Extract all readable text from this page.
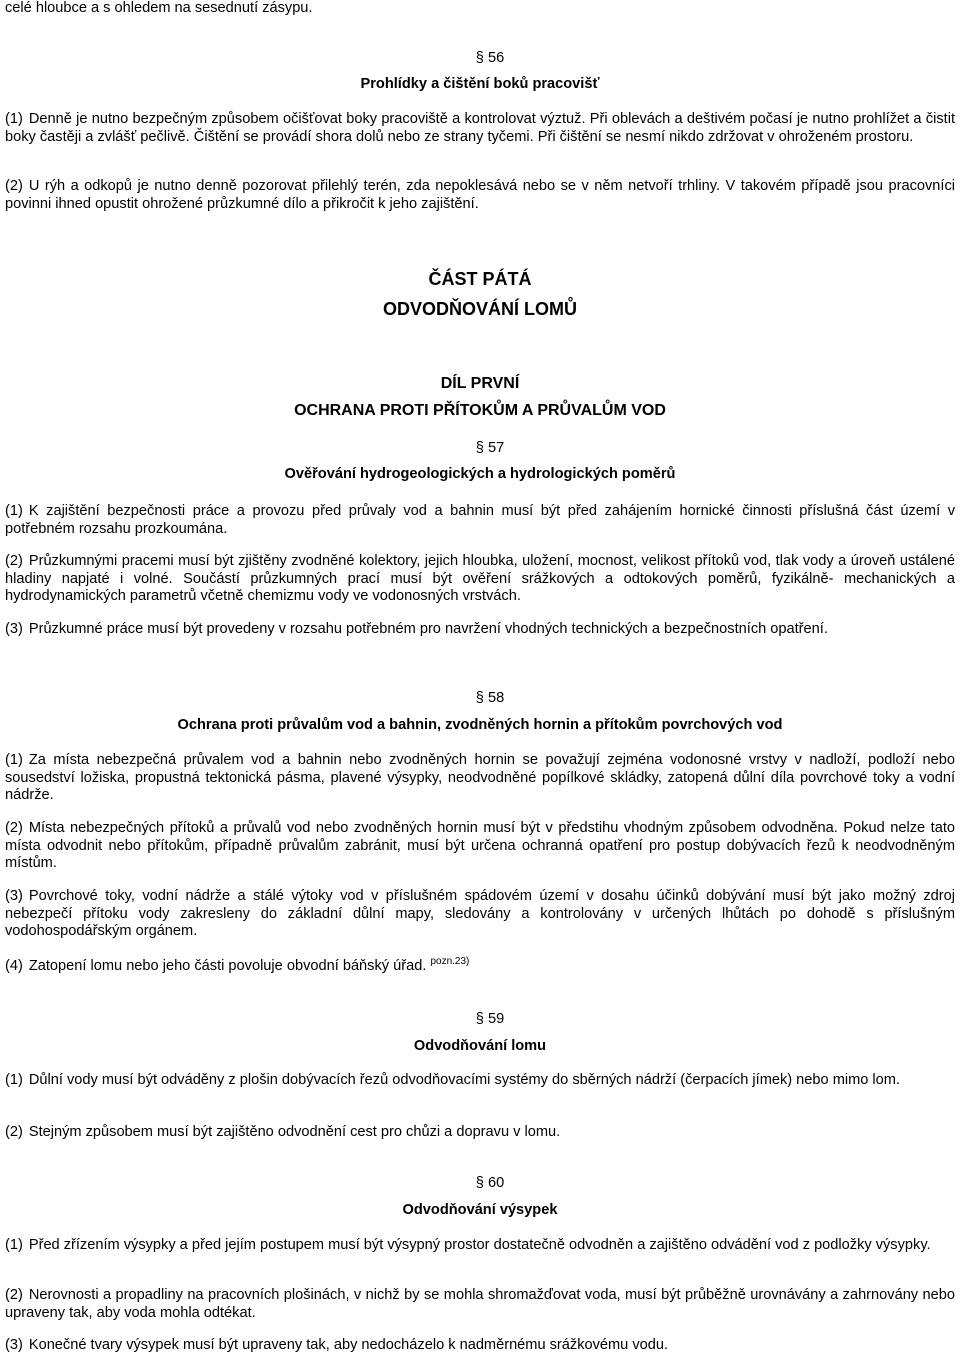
celé hloubce a s ohledem na sesednutí zásypu.

§ 56

Prohlídky a čištění boků pracovišť

(1) Denně je nutno bezpečným způsobem očišťovat boky pracoviště a kontrolovat výztuž. Při oblevách a deštivém počasí je nutno prohlížet a čistit boky častěji a zvlášť pečlivě. Čištění se provádí shora dolů nebo ze strany tyčemi. Při čištění se nesmí nikdo zdržovat v ohroženém prostoru.

(2) U rýh a odkopů je nutno denně pozorovat přilehlý terén, zda nepoklesává nebo se v něm netvoří trhliny. V takovém případě jsou pracovníci povinni ihned opustit ohrožené průzkumné dílo a přikročit k jeho zajištění.

ČÁST PÁTÁ

ODVODŇOVÁNÍ LOMŮ

DÍL PRVNÍ

OCHRANA PROTI PŘÍTOKŮM A PRŮVALŮM VOD

§ 57

Ověřování hydrogeologických a hydrologických poměrů

(1) K zajištění bezpečnosti práce a provozu před průvaly vod a bahnin musí být před zahájením hornické činnosti příslušná část území v potřebném rozsahu prozkoumána.

(2) Průzkumnými pracemi musí být zjištěny zvodněné kolektory, jejich hloubka, uložení, mocnost, velikost přítoků vod, tlak vody a úroveň ustálené hladiny napjaté i volné. Součástí průzkumných prací musí být ověření srážkových a odtokových poměrů, fyzikálně- mechanických a hydrodynamických parametrů včetně chemizmu vody ve vodonosných vrstvách.

(3) Průzkumné práce musí být provedeny v rozsahu potřebném pro navržení vhodných technických a bezpečnostních opatření.

§ 58

Ochrana proti průvalům vod a bahnin, zvodněných hornin a přítokům povrchových vod

(1) Za místa nebezpečná průvalem vod a bahnin nebo zvodněných hornin se považují zejména vodonosné vrstvy v nadloží, podloží nebo sousedství ložiska, propustná tektonická pásma, plavené výsypky, neodvodněné popílkové skládky, zatopená důlní díla povrchové toky a vodní nádrže.

(2) Místa nebezpečných přítoků a průvalů vod nebo zvodněných hornin musí být v předstihu vhodným způsobem odvodněna. Pokud nelze tato místa odvodnit nebo přítokům, případně průvalům zabránit, musí být určena ochranná opatření pro postup dobývacích řezů k neodvodněným místům.

(3) Povrchové toky, vodní nádrže a stálé výtoky vod v příslušném spádovém území v dosahu účinků dobývání musí být jako možný zdroj nebezpečí přítoku vody zakresleny do základní důlní mapy, sledovány a kontrolovány v určených lhůtách po dohodě s příslušným vodohospodářským orgánem.

(4) Zatopení lomu nebo jeho části povoluje obvodní báňský úřad. $^{pozn.23)}$

§ 59

Odvodňování lomu

(1) Důlní vody musí být odváděny z plošin dobývacích řezů odvodňovacími systémy do sběrných nádrží (čerpacích jímek) nebo mimo lom.

(2) Stejným způsobem musí být zajištěno odvodnění cest pro chůzi a dopravu v lomu.

§ 60

Odvodňování výsypek

(1) Před zřízením výsypky a před jejím postupem musí být výsypný prostor dostatečně odvodněn a zajištěno odvádění vod z podložky výsypky.

(2) Nerovnosti a propadliny na pracovních plošinách, v nichž by se mohla shromažďovat voda, musí být průběžně urovnávány a zahrnovány nebo upraveny tak, aby voda mohla odtékat.

(3) Konečné tvary výsypek musí být upraveny tak, aby nedocházelo k nadměrnému srážkovému vodu.
